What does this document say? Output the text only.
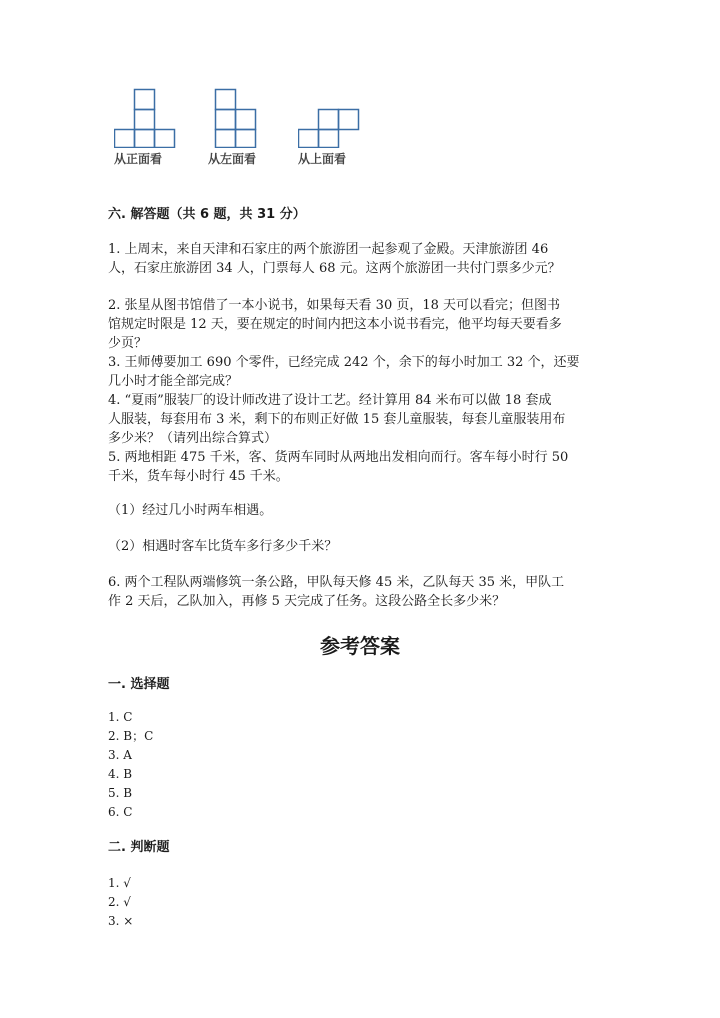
从正面看	从左面看	从上面看
六. 解答题（共 6 题，共 31 分）
1. 上周末，来自天津和石家庄的两个旅游团一起参观了金殿。天津旅游团 46
人，石家庄旅游团 34 人，门票每人 68 元。这两个旅游团一共付门票多少元？
2. 张星从图书馆借了一本小说书，如果每天看 30 页，18 天可以看完；但图书
馆规定时限是 12 天，要在规定的时间内把这本小说书看完，他平均每天要看多
少页？
3. 王师傅要加工 690 个零件，已经完成 242 个，余下的每小时加工 32 个，还要
几小时才能全部完成？
4. “夏雨”服装厂的设计师改进了设计工艺。经计算用 84 米布可以做 18 套成
人服装，每套用布 3 米，剩下的布则正好做 15 套儿童服装，每套儿童服装用布
多少米？（请列出综合算式）
5. 两地相距 475 千米，客、货两车同时从两地出发相向而行。客车每小时行 50
千米，货车每小时行 45 千米。
（1）经过几小时两车相遇。
（2）相遇时客车比货车多行多少千米？
6. 两个工程队两端修筑一条公路，甲队每天修 45 米，乙队每天 35 米，甲队工
作 2 天后，乙队加入，再修 5 天完成了任务。这段公路全长多少米？
参考答案
一. 选择题
1. C
2. B；C
3. A
4. B
5. B
6. C
二. 判断题
1. √
2. √
3. ×
